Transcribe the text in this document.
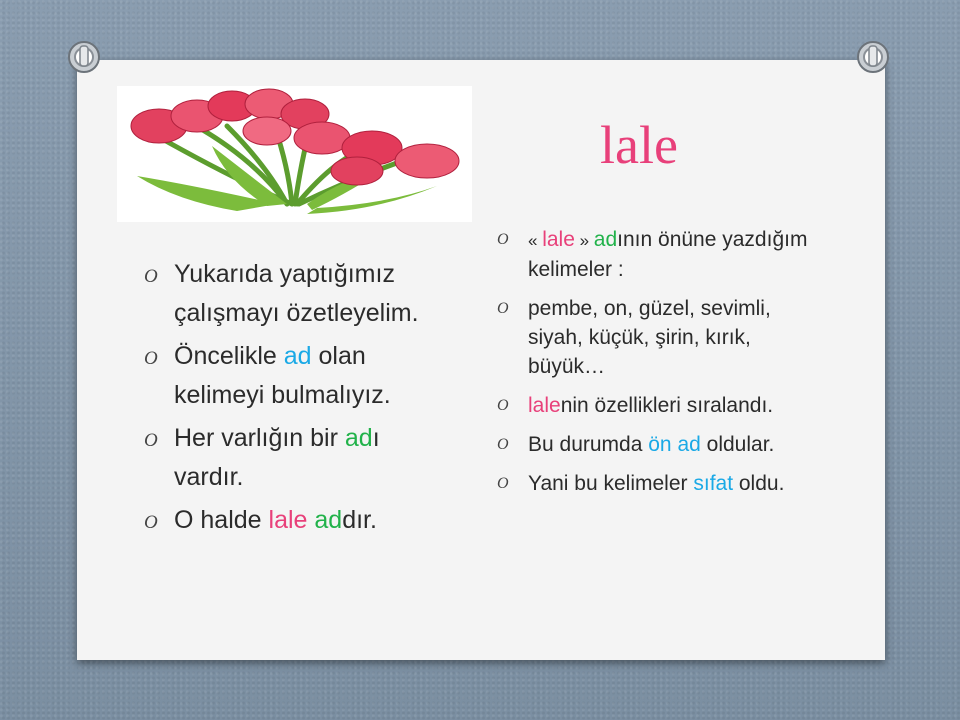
lale
O Yukarıda yaptığımız çalışmayı özetleyelim.
O Öncelikle ad olan kelimeyi bulmalıyız.
O Her varlığın bir adı vardır.
O O halde lale addır.
O « lale » adının önüne yazdığım kelimeler :
O pembe, on, güzel, sevimli, siyah, küçük, şirin, kırık, büyük…
O lalenin özellikleri sıralandı.
O Bu durumda ön ad oldular.
O Yani bu kelimeler sıfat oldu.
